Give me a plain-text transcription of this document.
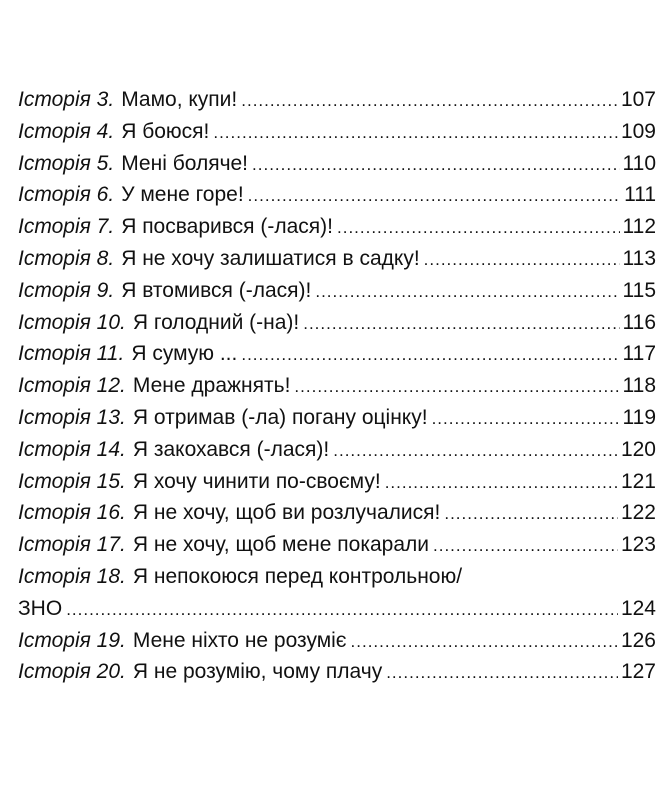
Історія 3. Мамо, купи! .....	107
Історія 4. Я боюся! .....	109
Історія 5. Мені боляче! .....	110
Історія 6. У мене горе! .....	111
Історія 7. Я посварився (-лася)! .....	112
Історія 8. Я не хочу залишатися в садку! .....	113
Історія 9. Я втомився (-лася)! .....	115
Історія 10. Я голодний (-на)! .....	116
Історія 11. Я сумую ... .....	117
Історія 12. Мене дражнять! .....	118
Історія 13. Я отримав (-ла) погану оцінку! .....	119
Історія 14. Я закохався (-лася)! .....	120
Історія 15. Я хочу чинити по-своєму! .....	121
Історія 16. Я не хочу, щоб ви розлучалися! .....	122
Історія 17. Я не хочу, щоб мене покарали .....	123
Історія 18. Я непокоюся перед контрольною/
ЗНО .....	124
Історія 19. Мене ніхто не розуміє .....	126
Історія 20. Я не розумію, чому плачу .....	127
